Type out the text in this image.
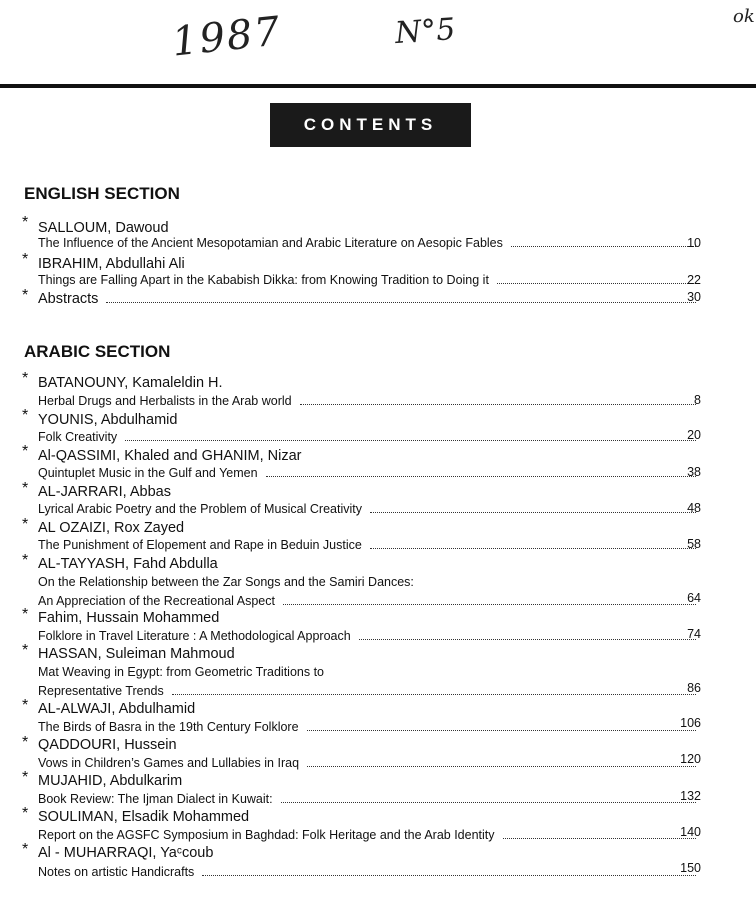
1987	N°5	ok
CONTENTS
ENGLISH SECTION
* SALLOUM, Dawoud
The Influence of the Ancient Mesopotamian and Arabic Literature on Aesopic Fables	10
* IBRAHIM, Abdullahi Ali
Things are Falling Apart in the Kababish Dikka: from Knowing Tradition to Doing it	22
* Abstracts	30
ARABIC SECTION
* BATANOUNY, Kamaleldin H.
Herbal Drugs and Herbalists in the Arab world	8
* YOUNIS, Abdulhamid
Folk Creativity	20
* Al-QASSIMI, Khaled and GHANIM, Nizar
Quintuplet Music in the Gulf and Yemen	38
* AL-JARRARI, Abbas
Lyrical Arabic Poetry and the Problem of Musical Creativity	48
* AL OZAIZI, Rox Zayed
The Punishment of Elopement and Rape in Beduin Justice	58
* AL-TAYYASH, Fahd Abdulla
On the Relationship between the Zar Songs and the Samiri Dances:
An Appreciation of the Recreational Aspect	64
* Fahim, Hussain Mohammed
Folklore in Travel Literature : A Methodological Approach	74
* HASSAN, Suleiman Mahmoud
Mat Weaving in Egypt: from Geometric Traditions to
Representative Trends	86
* AL-ALWAJI, Abdulhamid
The Birds of Basra in the 19th Century Folklore	106
* QADDOURI, Hussein
Vows in Children’s Games and Lullabies in Iraq	120
* MUJAHID, Abdulkarim
Book Review: The Ijman Dialect in Kuwait:	132
* SOULIMAN, Elsadik Mohammed
Report on the AGSFC Symposium in Baghdad: Folk Heritage and the Arab Identity	140
* Al - MUHARRAQI, Yaᶜcoub
Notes on artistic Handicrafts	150
